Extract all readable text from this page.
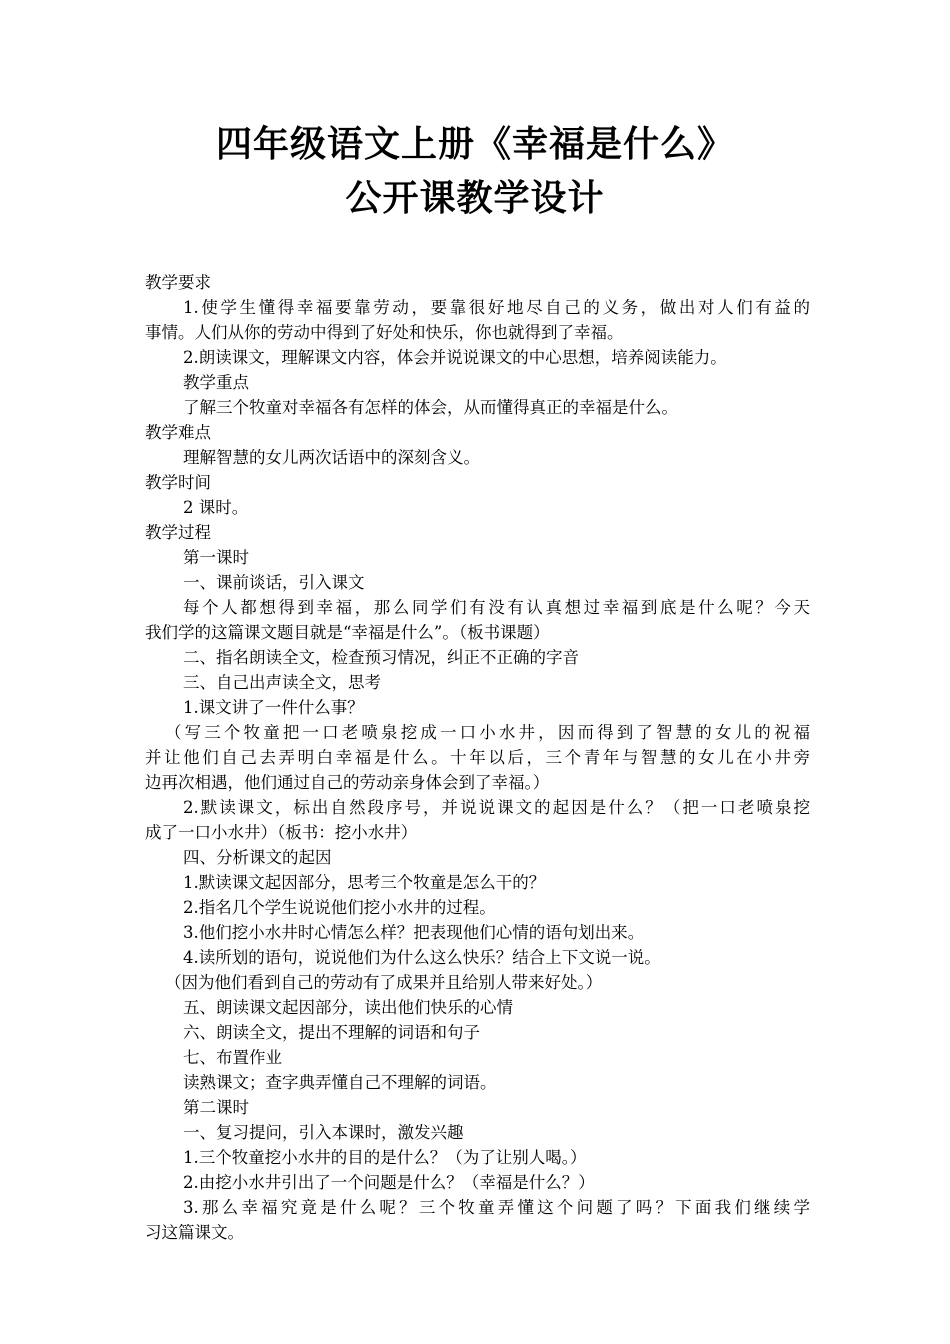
四年级语文上册《幸福是什么》
公开课教学设计
教学要求
1.使学生懂得幸福要靠劳动，要靠很好地尽自己的义务，做出对人们有益的
事情。人们从你的劳动中得到了好处和快乐，你也就得到了幸福。
2.朗读课文，理解课文内容，体会并说说课文的中心思想，培养阅读能力。
教学重点
了解三个牧童对幸福各有怎样的体会，从而懂得真正的幸福是什么。
教学难点
理解智慧的女儿两次话语中的深刻含义。
教学时间
2 课时。
教学过程
第一课时
一、课前谈话，引入课文
每个人都想得到幸福，那么同学们有没有认真想过幸福到底是什么呢？今天
我们学的这篇课文题目就是“幸福是什么”。（板书课题）
二、指名朗读全文，检查预习情况，纠正不正确的字音
三、自己出声读全文，思考
1.课文讲了一件什么事？
（写三个牧童把一口老喷泉挖成一口小水井，因而得到了智慧的女儿的祝福
并让他们自己去弄明白幸福是什么。十年以后，三个青年与智慧的女儿在小井旁
边再次相遇，他们通过自己的劳动亲身体会到了幸福。）
2.默读课文，标出自然段序号，并说说课文的起因是什么？（把一口老喷泉挖
成了一口小水井）（板书：挖小水井）
四、分析课文的起因
1.默读课文起因部分，思考三个牧童是怎么干的？
2.指名几个学生说说他们挖小水井的过程。
3.他们挖小水井时心情怎么样？把表现他们心情的语句划出来。
4.读所划的语句，说说他们为什么这么快乐？结合上下文说一说。
（因为他们看到自己的劳动有了成果并且给别人带来好处。）
五、朗读课文起因部分，读出他们快乐的心情
六、朗读全文，提出不理解的词语和句子
七、布置作业
读熟课文；查字典弄懂自己不理解的词语。
第二课时
一、复习提问，引入本课时，激发兴趣
1.三个牧童挖小水井的目的是什么？（为了让别人喝。）
2.由挖小水井引出了一个问题是什么？（幸福是什么？）
3.那么幸福究竟是什么呢？三个牧童弄懂这个问题了吗？下面我们继续学
习这篇课文。
